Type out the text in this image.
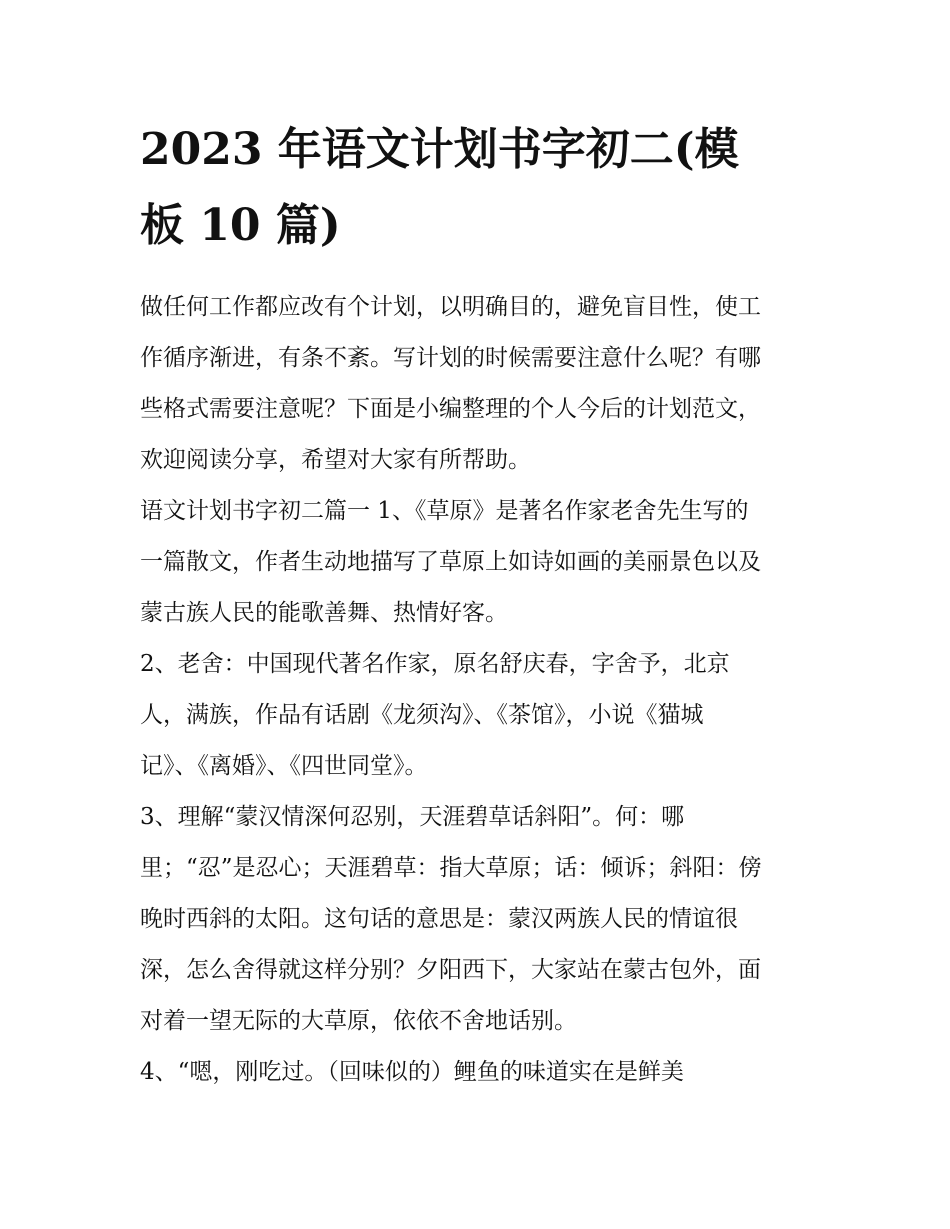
2023 年语文计划书字初二(模
板 10 篇)

做任何工作都应改有个计划，以明确目的，避免盲目性，使工
作循序渐进，有条不紊。写计划的时候需要注意什么呢？有哪
些格式需要注意呢？下面是小编整理的个人今后的计划范文，
欢迎阅读分享，希望对大家有所帮助。

语文计划书字初二篇一 1、《草原》是著名作家老舍先生写的
一篇散文，作者生动地描写了草原上如诗如画的美丽景色以及
蒙古族人民的能歌善舞、热情好客。

2、老舍：中国现代著名作家，原名舒庆春，字舍予，北京
人，满族，作品有话剧《龙须沟》、《茶馆》，小说《猫城
记》、《离婚》、《四世同堂》。

3、理解“蒙汉情深何忍别，天涯碧草话斜阳”。何：哪
里；“忍”是忍心；天涯碧草：指大草原；话：倾诉；斜阳：傍
晚时西斜的太阳。这句话的意思是：蒙汉两族人民的情谊很
深，怎么舍得就这样分别？夕阳西下，大家站在蒙古包外，面
对着一望无际的大草原，依依不舍地话别。

4、“嗯，刚吃过。（回味似的）鲤鱼的味道实在是鲜美
